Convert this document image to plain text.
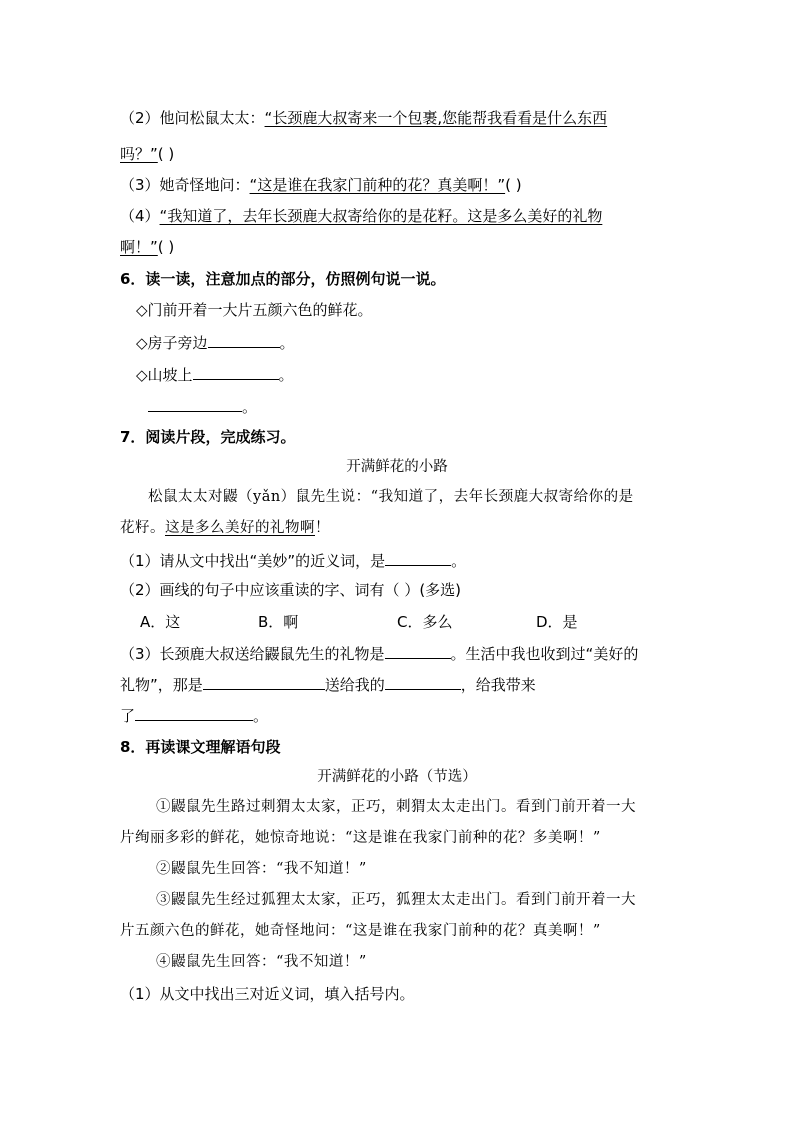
（2）他问松鼠太太：“长颈鹿大叔寄来一个包裹,您能帮我看看是什么东西
吗？”( )
（3）她奇怪地问：“这是谁在我家门前种的花？真美啊！”( )
（4）“我知道了，去年长颈鹿大叔寄给你的是花籽。这是多么美好的礼物
啊！”( )
6．读一读，注意加点的部分，仿照例句说一说。
◇门前开着一大片五颜六色的鲜花。
◇房子旁边	。
◇山坡上	。
。
7．阅读片段，完成练习。
开满鲜花的小路
松鼠太太对鼹（yǎn）鼠先生说：“我知道了，去年长颈鹿大叔寄给你的是
花籽。这是多么美好的礼物啊！
（1）请从文中找出“美妙”的近义词，是	。
（2）画线的句子中应该重读的字、词有（ ）(多选)
A．这	B．啊	C．多么	D．是
（3）长颈鹿大叔送给鼹鼠先生的礼物是	。生活中我也收到过“美好的
礼物”，那是	送给我的	，给我带来
了	。
8．再读课文理解语句段
开满鲜花的小路（节选）
①鼹鼠先生路过刺猬太太家，正巧，刺猬太太走出门。看到门前开着一大
片绚丽多彩的鲜花，她惊奇地说：“这是谁在我家门前种的花？多美啊！”
②鼹鼠先生回答：“我不知道！”
③鼹鼠先生经过狐狸太太家，正巧，狐狸太太走出门。看到门前开着一大
片五颜六色的鲜花，她奇怪地问：“这是谁在我家门前种的花？真美啊！”
④鼹鼠先生回答：“我不知道！”
（1）从文中找出三对近义词，填入括号内。
